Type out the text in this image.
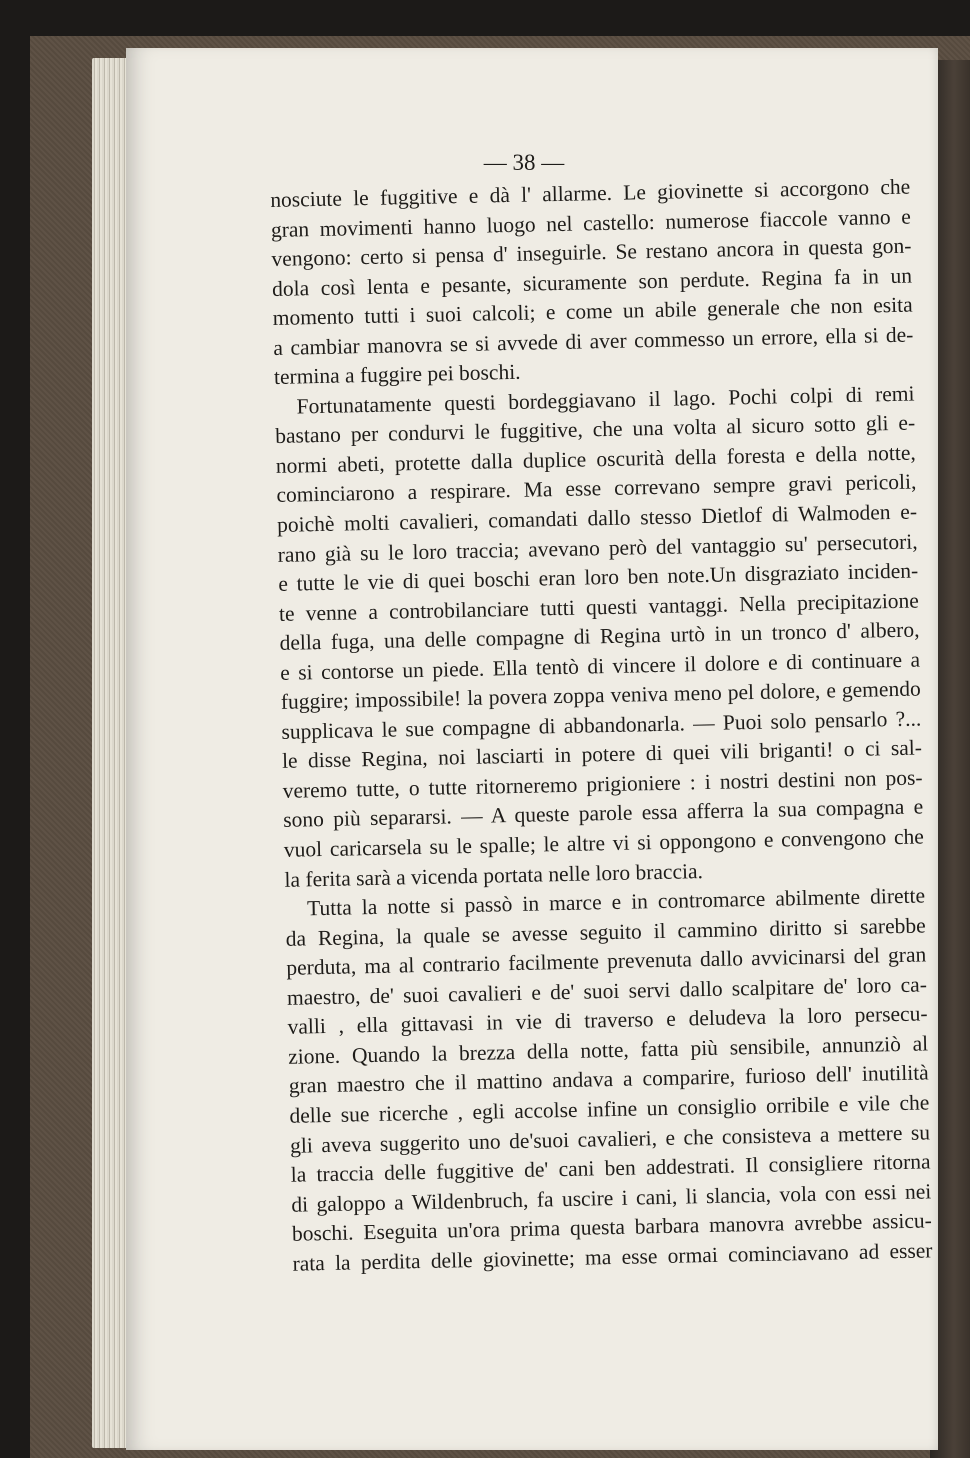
— 38 —
nosciute le fuggitive e dà l' allarme. Le giovinette si accorgono che
gran movimenti hanno luogo nel castello: numerose fiaccole vanno e
vengono: certo si pensa d' inseguirle. Se restano ancora in questa gon-
dola così lenta e pesante, sicuramente son perdute. Regina fa in un
momento tutti i suoi calcoli; e come un abile generale che non esita
a cambiar manovra se si avvede di aver commesso un errore, ella si de-
termina a fuggire pei boschi.
Fortunatamente questi bordeggiavano il lago. Pochi colpi di remi
bastano per condurvi le fuggitive, che una volta al sicuro sotto gli e-
normi abeti, protette dalla duplice oscurità della foresta e della notte,
cominciarono a respirare. Ma esse correvano sempre gravi pericoli,
poichè molti cavalieri, comandati dallo stesso Dietlof di Walmoden e-
rano già su le loro traccia; avevano però del vantaggio su' persecutori,
e tutte le vie di quei boschi eran loro ben note.Un disgraziato inciden-
te venne a controbilanciare tutti questi vantaggi. Nella precipitazione
della fuga, una delle compagne di Regina urtò in un tronco d' albero,
e si contorse un piede. Ella tentò di vincere il dolore e di continuare a
fuggire; impossibile! la povera zoppa veniva meno pel dolore, e gemendo
supplicava le sue compagne di abbandonarla. — Puoi solo pensarlo ?...
le disse Regina, noi lasciarti in potere di quei vili briganti! o ci sal-
veremo tutte, o tutte ritorneremo prigioniere : i nostri destini non pos-
sono più separarsi. — A queste parole essa afferra la sua compagna e
vuol caricarsela su le spalle; le altre vi si oppongono e convengono che
la ferita sarà a vicenda portata nelle loro braccia.
Tutta la notte si passò in marce e in contromarce abilmente dirette
da Regina, la quale se avesse seguito il cammino diritto si sarebbe
perduta, ma al contrario facilmente prevenuta dallo avvicinarsi del gran
maestro, de' suoi cavalieri e de' suoi servi dallo scalpitare de' loro ca-
valli , ella gittavasi in vie di traverso e deludeva la loro persecu-
zione. Quando la brezza della notte, fatta più sensibile, annunziò al
gran maestro che il mattino andava a comparire, furioso dell' inutilità
delle sue ricerche , egli accolse infine un consiglio orribile e vile che
gli aveva suggerito uno de'suoi cavalieri, e che consisteva a mettere su
la traccia delle fuggitive de' cani ben addestrati. Il consigliere ritorna
di galoppo a Wildenbruch, fa uscire i cani, li slancia, vola con essi nei
boschi. Eseguita un'ora prima questa barbara manovra avrebbe assicu-
rata la perdita delle giovinette; ma esse ormai cominciavano ad esser
